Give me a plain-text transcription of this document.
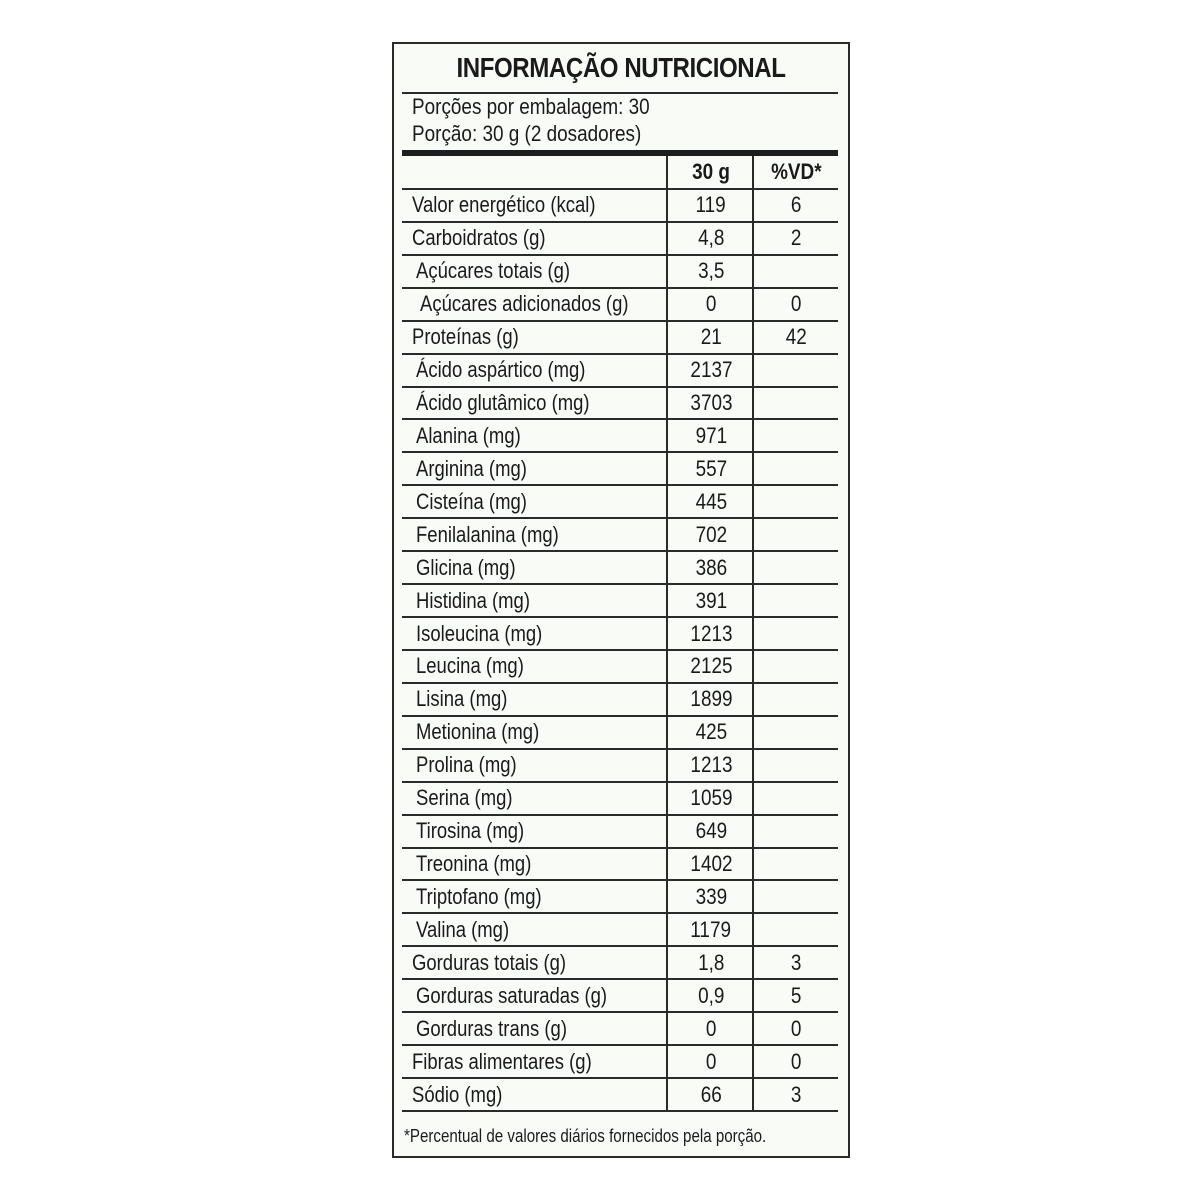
INFORMAÇÃO NUTRICIONAL
Porções por embalagem: 30
Porção: 30 g (2 dosadores)
30 g %VD*
Valor energético (kcal)	119	6
Carboidratos (g)	4,8	2
Açúcares totais (g)	3,5
Açúcares adicionados (g)	0	0
Proteínas (g)	21	42
Ácido aspártico (mg)	2137
Ácido glutâmico (mg)	3703
Alanina (mg)	971
Arginina (mg)	557
Cisteína (mg)	445
Fenilalanina (mg)	702
Glicina (mg)	386
Histidina (mg)	391
Isoleucina (mg)	1213
Leucina (mg)	2125
Lisina (mg)	1899
Metionina (mg)	425
Prolina (mg)	1213
Serina (mg)	1059
Tirosina (mg)	649
Treonina (mg)	1402
Triptofano (mg)	339
Valina (mg)	1179
Gorduras totais (g)	1,8	3
Gorduras saturadas (g)	0,9	5
Gorduras trans (g)	0	0
Fibras alimentares (g)	0	0
Sódio (mg)	66	3
*Percentual de valores diários fornecidos pela porção.
